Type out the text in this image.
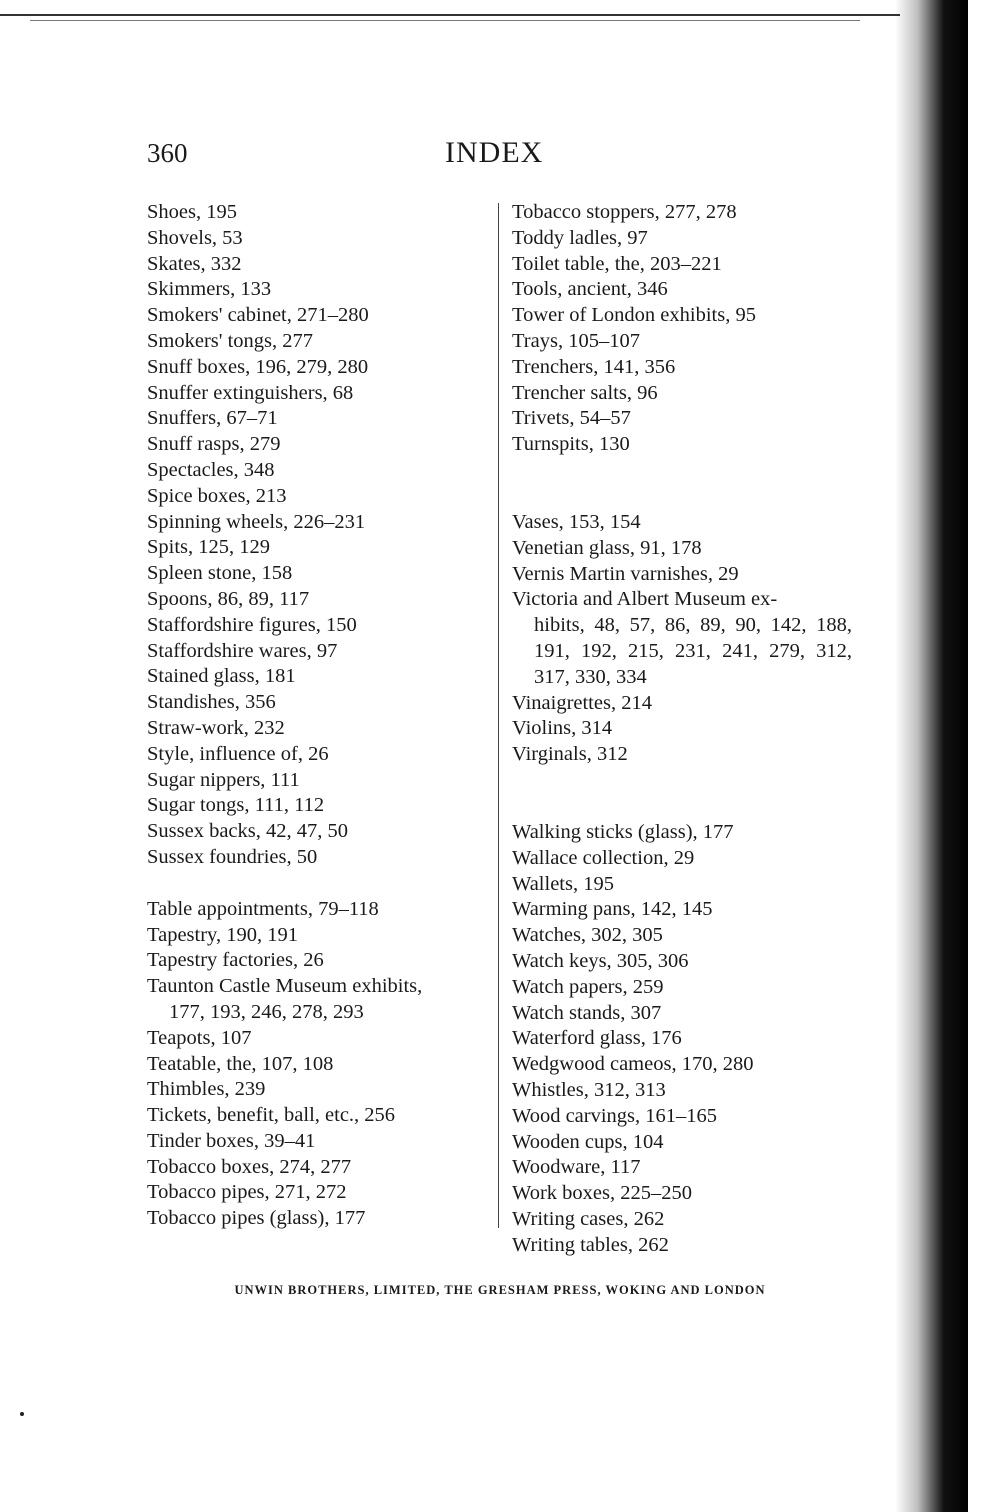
360	INDEX
Shoes, 195
Shovels, 53
Skates, 332
Skimmers, 133
Smokers' cabinet, 271–280
Smokers' tongs, 277
Snuff boxes, 196, 279, 280
Snuffer extinguishers, 68
Snuffers, 67–71
Snuff rasps, 279
Spectacles, 348
Spice boxes, 213
Spinning wheels, 226–231
Spits, 125, 129
Spleen stone, 158
Spoons, 86, 89, 117
Staffordshire figures, 150
Staffordshire wares, 97
Stained glass, 181
Standishes, 356
Straw-work, 232
Style, influence of, 26
Sugar nippers, 111
Sugar tongs, 111, 112
Sussex backs, 42, 47, 50
Sussex foundries, 50
Table appointments, 79–118
Tapestry, 190, 191
Tapestry factories, 26
Taunton Castle Museum exhibits,
177, 193, 246, 278, 293
Teapots, 107
Teatable, the, 107, 108
Thimbles, 239
Tickets, benefit, ball, etc., 256
Tinder boxes, 39–41
Tobacco boxes, 274, 277
Tobacco pipes, 271, 272
Tobacco pipes (glass), 177
Tobacco stoppers, 277, 278
Toddy ladles, 97
Toilet table, the, 203–221
Tools, ancient, 346
Tower of London exhibits, 95
Trays, 105–107
Trenchers, 141, 356
Trencher salts, 96
Trivets, 54–57
Turnspits, 130
Vases, 153, 154
Venetian glass, 91, 178
Vernis Martin varnishes, 29
Victoria and Albert Museum ex-
hibits, 48, 57, 86, 89, 90, 142, 188, 191, 192, 215, 231, 241, 279, 312, 317, 330, 334
Vinaigrettes, 214
Violins, 314
Virginals, 312
Walking sticks (glass), 177
Wallace collection, 29
Wallets, 195
Warming pans, 142, 145
Watches, 302, 305
Watch keys, 305, 306
Watch papers, 259
Watch stands, 307
Waterford glass, 176
Wedgwood cameos, 170, 280
Whistles, 312, 313
Wood carvings, 161–165
Wooden cups, 104
Woodware, 117
Work boxes, 225–250
Writing cases, 262
Writing tables, 262
UNWIN BROTHERS, LIMITED, THE GRESHAM PRESS, WOKING AND LONDON
